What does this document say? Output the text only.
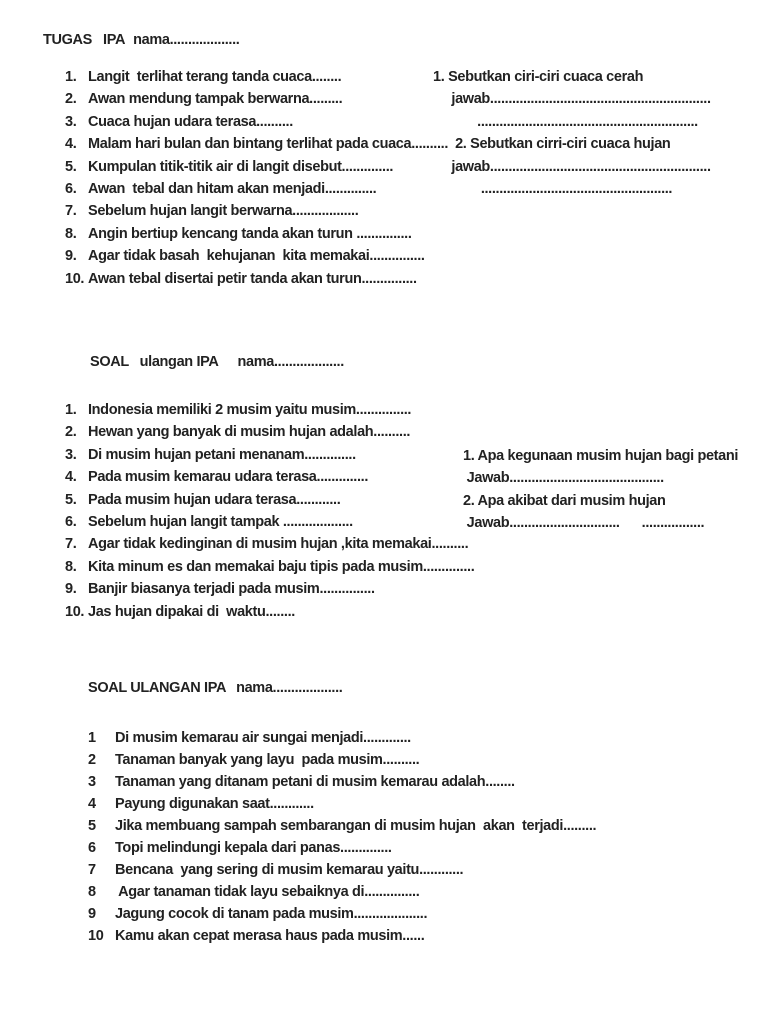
TUGAS   IPA nama...................
1. Langit  terlihat terang tanda cuaca........
2. Awan mendung tampak berwarna.........
3. Cuaca hujan udara terasa..........
4. Malam hari bulan dan bintang terlihat pada cuaca..........
5. Kumpulan titik-titik air di langit disebut..............
6. Awan  tebal dan hitam akan menjadi..............
7. Sebelum hujan langit berwarna..................
8. Angin bertiup kencang tanda akan turun ...............
9. Agar tidak basah  kehujanan  kita memakai...............
10. Awan tebal disertai petir tanda akan turun...............
1. Sebutkan ciri-ciri cuaca cerah
jawab............................................................
............................................................
2. Sebutkan cirri-ciri cuaca hujan
jawab............................................................
....................................................
SOAL   ulangan IPA nama...................
1. Indonesia memiliki 2 musim yaitu musim...............
2. Hewan yang banyak di musim hujan adalah..........
3. Di musim hujan petani menanam..............
4. Pada musim kemarau udara terasa..............
5. Pada musim hujan udara terasa............
6. Sebelum hujan langit tampak ...................
7. Agar tidak kedinginan di musim hujan ,kita memakai..........
8. Kita minum es dan memakai baju tipis pada musim..............
9. Banjir biasanya terjadi pada musim...............
10. Jas hujan dipakai di  waktu........
1. Apa kegunaan musim hujan bagi petani
Jawab..........................................
2. Apa akibat dari musim hujan
Jawab..............................      .................
SOAL ULANGAN IPA nama...................
1	Di musim kemarau air sungai menjadi.............
2	Tanaman banyak yang layu  pada musim..........
3	Tanaman yang ditanam petani di musim kemarau adalah........
4	Payung digunakan saat............
5	Jika membuang sampah sembarangan di musim hujan  akan  terjadi.........
6	Topi melindungi kepala dari panas..............
7	Bencana  yang sering di musim kemarau yaitu............
8	Agar tanaman tidak layu sebaiknya di...............
9	Jagung cocok di tanam pada musim....................
10 Kamu akan cepat merasa haus pada musim......
